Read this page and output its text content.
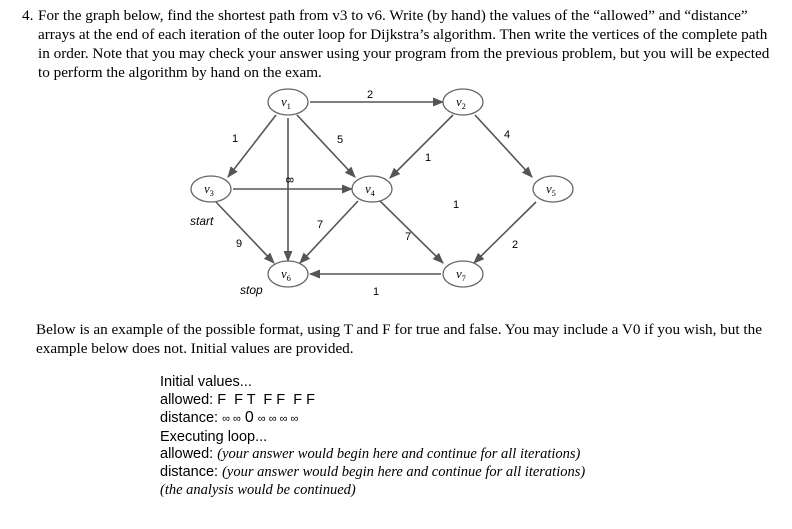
4. For the graph below, find the shortest path from v3 to v6. Write (by hand) the values of the “allowed” and “distance” arrays at the end of each iteration of the outer loop for Dijkstra’s algorithm. Then write the vertices of the complete path in order. Note that you may check your answer using your program from the previous problem, but you will be expected to perform the algorithm by hand on the exam.
$v_1$	$v_2$
$v_3$	$v_4$	$v_5$
$v_6$	$v_7$
2
1	5
8
1
4
1
9
7
7
2
1
start
stop
Below is an example of the possible format, using T and F for true and false. You may include a V0 if you wish, but the example below does not. Initial values are provided.
Initial values...
allowed: F  F T  F F  F F
distance: ∞ ∞ 0 ∞ ∞ ∞ ∞
Executing loop...
allowed: (your answer would begin here and continue for all iterations)
distance: (your answer would begin here and continue for all iterations)
(the analysis would be continued)
